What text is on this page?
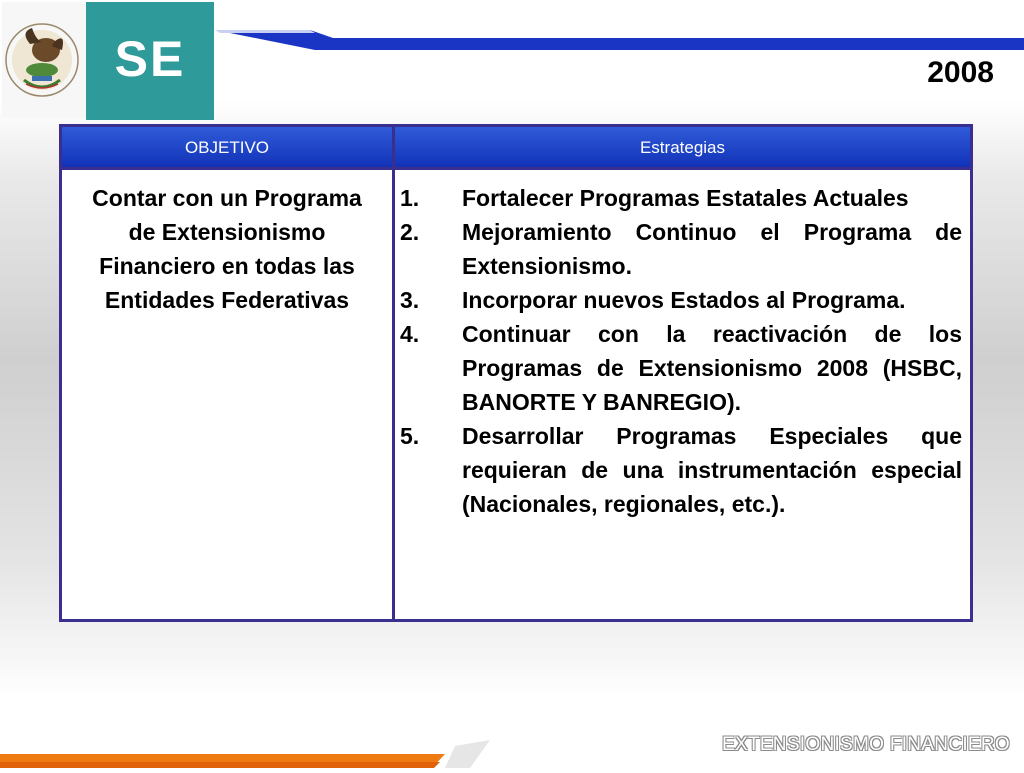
SE	2008
OBJETIVO	Estrategias
Contar con un Programa de Extensionismo Financiero en todas las Entidades Federativas
1. Fortalecer Programas Estatales Actuales
2. Mejoramiento Continuo el Programa de Extensionismo.
3. Incorporar nuevos Estados al Programa.
4. Continuar con la reactivación de los Programas de Extensionismo 2008 (HSBC, BANORTE Y BANREGIO).
5. Desarrollar Programas Especiales que requieran de una instrumentación especial (Nacionales, regionales, etc.).
EXTENSIONISMO FINANCIERO
